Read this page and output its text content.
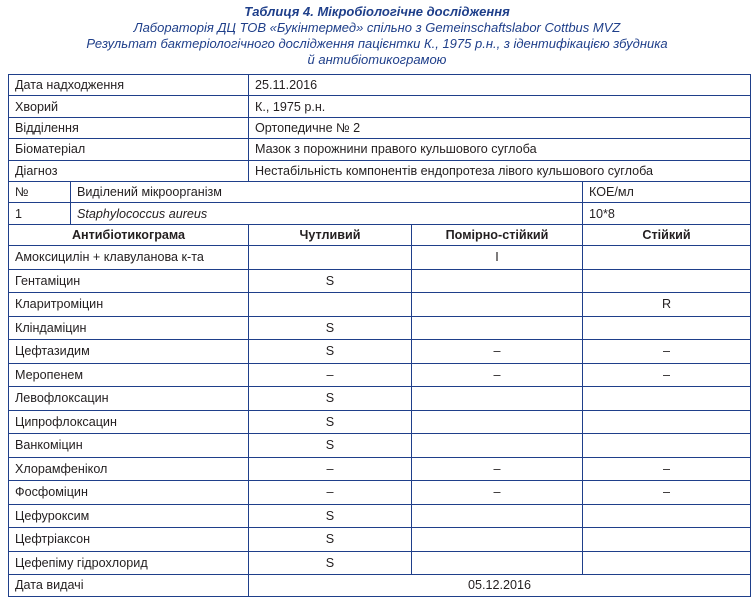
Таблиця 4. Мікробіологічне дослідження
Лабораторія ДЦ ТОВ «Букінтермед» спільно з Gemeinschaftslabor Cottbus MVZ
Результат бактеріологічного дослідження пацієнтки К., 1975 р.н., з ідентифікацією збудника
й антибіотикограмою
Дата надходження		25.11.2016		
Хворий		К., 1975 р.н.		
Відділення		Ортопедичне № 2		
Біоматеріал		Мазок з порожнини правого кульшового суглоба		
Діагноз		Нестабільність компонентів ендопротеза лівого кульшового суглоба		
№	Виділений мікроорганізм			КОЕ/мл
1	Staphylococcus aureus			10*8
Антибіотикограма		Чутливий	Помірно-стійкий	Стійкий
Амоксицилін + клавуланова к-та			I	
Гентаміцин		S		
Кларитроміцин				R
Кліндаміцин		S		
Цефтазидим		S	–	–
Меропенем		–	–	–
Левофлоксацин		S		
Ципрофлоксацин		S		
Ванкоміцин		S		
Хлорамфенікол		–	–	–
Фосфоміцин		–	–	–
Цефуроксим		S		
Цефтріаксон		S		
Цефепіму гідрохлорид		S		
Дата видачі		05.12.2016		
